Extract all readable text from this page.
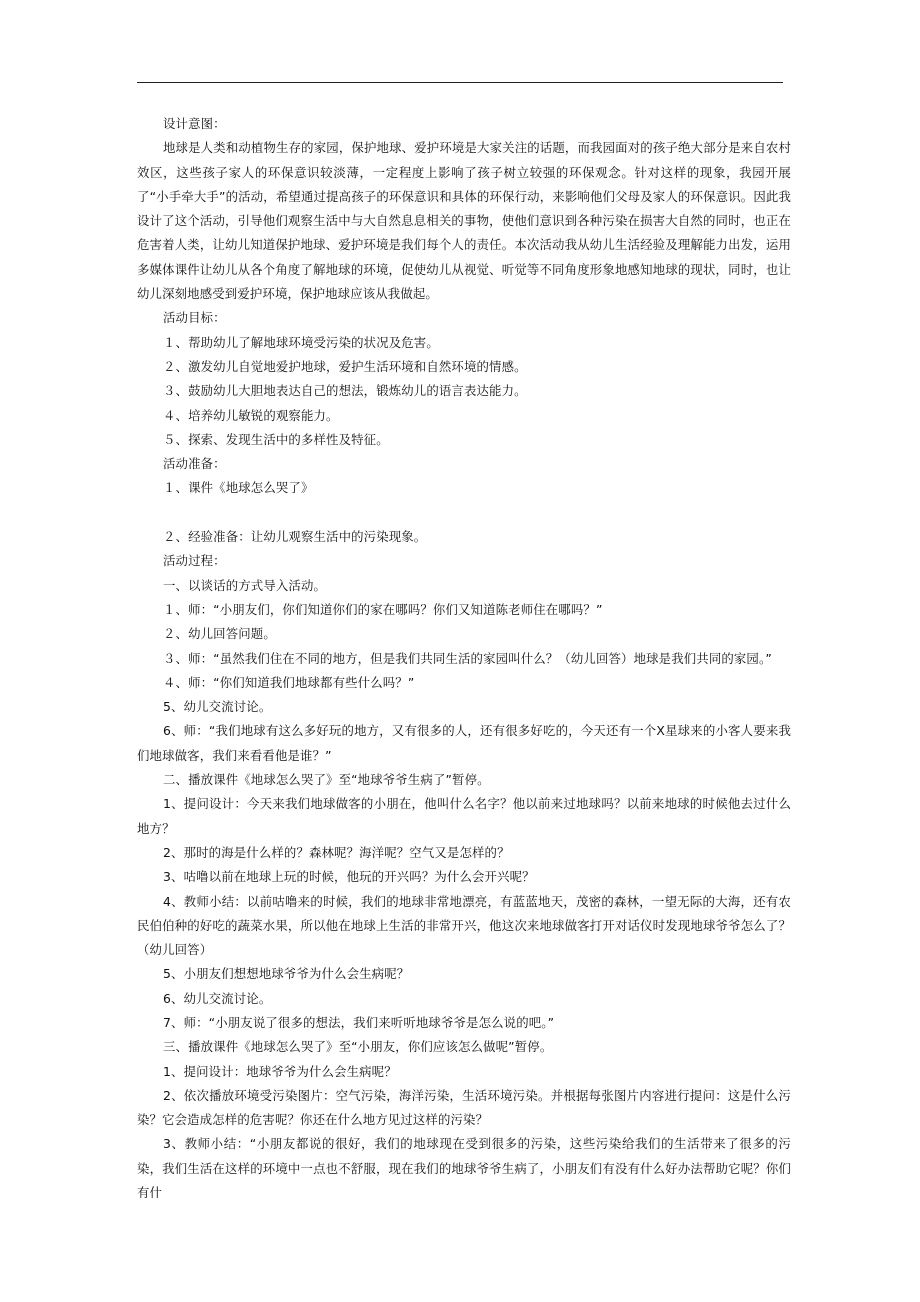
设计意图：

地球是人类和动植物生存的家园，保护地球、爱护环境是大家关注的话题，而我园面对的孩子绝大部分是来自农村效区，这些孩子家人的环保意识较淡薄，一定程度上影响了孩子树立较强的环保观念。针对这样的现象，我园开展了“小手牵大手”的活动，希望通过提高孩子的环保意识和具体的环保行动，来影响他们父母及家人的环保意识。因此我设计了这个活动，引导他们观察生活中与大自然息息相关的事物，使他们意识到各种污染在损害大自然的同时，也正在危害着人类，让幼儿知道保护地球、爱护环境是我们每个人的责任。本次活动我从幼儿生活经验及理解能力出发，运用多媒体课件让幼儿从各个角度了解地球的环境，促使幼儿从视觉、听觉等不同角度形象地感知地球的现状，同时，也让幼儿深刻地感受到爱护环境，保护地球应该从我做起。

活动目标：

１、帮助幼儿了解地球环境受污染的状况及危害。

２、激发幼儿自觉地爱护地球，爱护生活环境和自然环境的情感。

３、鼓励幼儿大胆地表达自己的想法，锻炼幼儿的语言表达能力。

４、培养幼儿敏锐的观察能力。

５、探索、发现生活中的多样性及特征。

活动准备：

１、课件《地球怎么哭了》

２、经验准备：让幼儿观察生活中的污染现象。

活动过程：

一、以谈话的方式导入活动。

１、师：“小朋友们，你们知道你们的家在哪吗？你们又知道陈老师住在哪吗？”

２、幼儿回答问题。

３、师：“虽然我们住在不同的地方，但是我们共同生活的家园叫什么？（幼儿回答）地球是我们共同的家园。”

４、师：“你们知道我们地球都有些什么吗？”

5、幼儿交流讨论。

6、师：“我们地球有这么多好玩的地方，又有很多的人，还有很多好吃的，今天还有一个X星球来的小客人要来我们地球做客，我们来看看他是谁？”

二、播放课件《地球怎么哭了》至“地球爷爷生病了”暂停。

1、提问设计：今天来我们地球做客的小朋在，他叫什么名字？他以前来过地球吗？以前来地球的时候他去过什么地方？

2、那时的海是什么样的？森林呢？海洋呢？空气又是怎样的？

3、咕噜以前在地球上玩的时候，他玩的开兴吗？为什么会开兴呢？

4、教师小结：以前咕噜来的时候，我们的地球非常地漂亮，有蓝蓝地天，茂密的森林，一望无际的大海，还有农民伯伯种的好吃的蔬菜水果，所以他在地球上生活的非常开兴，他这次来地球做客打开对话仪时发现地球爷爷怎么了？（幼儿回答）

5、小朋友们想想地球爷爷为什么会生病呢？

6、幼儿交流讨论。

7、师：“小朋友说了很多的想法，我们来听听地球爷爷是怎么说的吧。”

三、播放课件《地球怎么哭了》至“小朋友，你们应该怎么做呢”暂停。

1、提问设计：地球爷爷为什么会生病呢？

2、依次播放环境受污染图片：空气污染，海洋污染，生活环境污染。并根据每张图片内容进行提问：这是什么污染？它会造成怎样的危害呢？你还在什么地方见过这样的污染？

3、教师小结：“小朋友都说的很好，我们的地球现在受到很多的污染，这些污染给我们的生活带来了很多的污染，我们生活在这样的环境中一点也不舒服，现在我们的地球爷爷生病了，小朋友们有没有什么好办法帮助它呢？你们有什
